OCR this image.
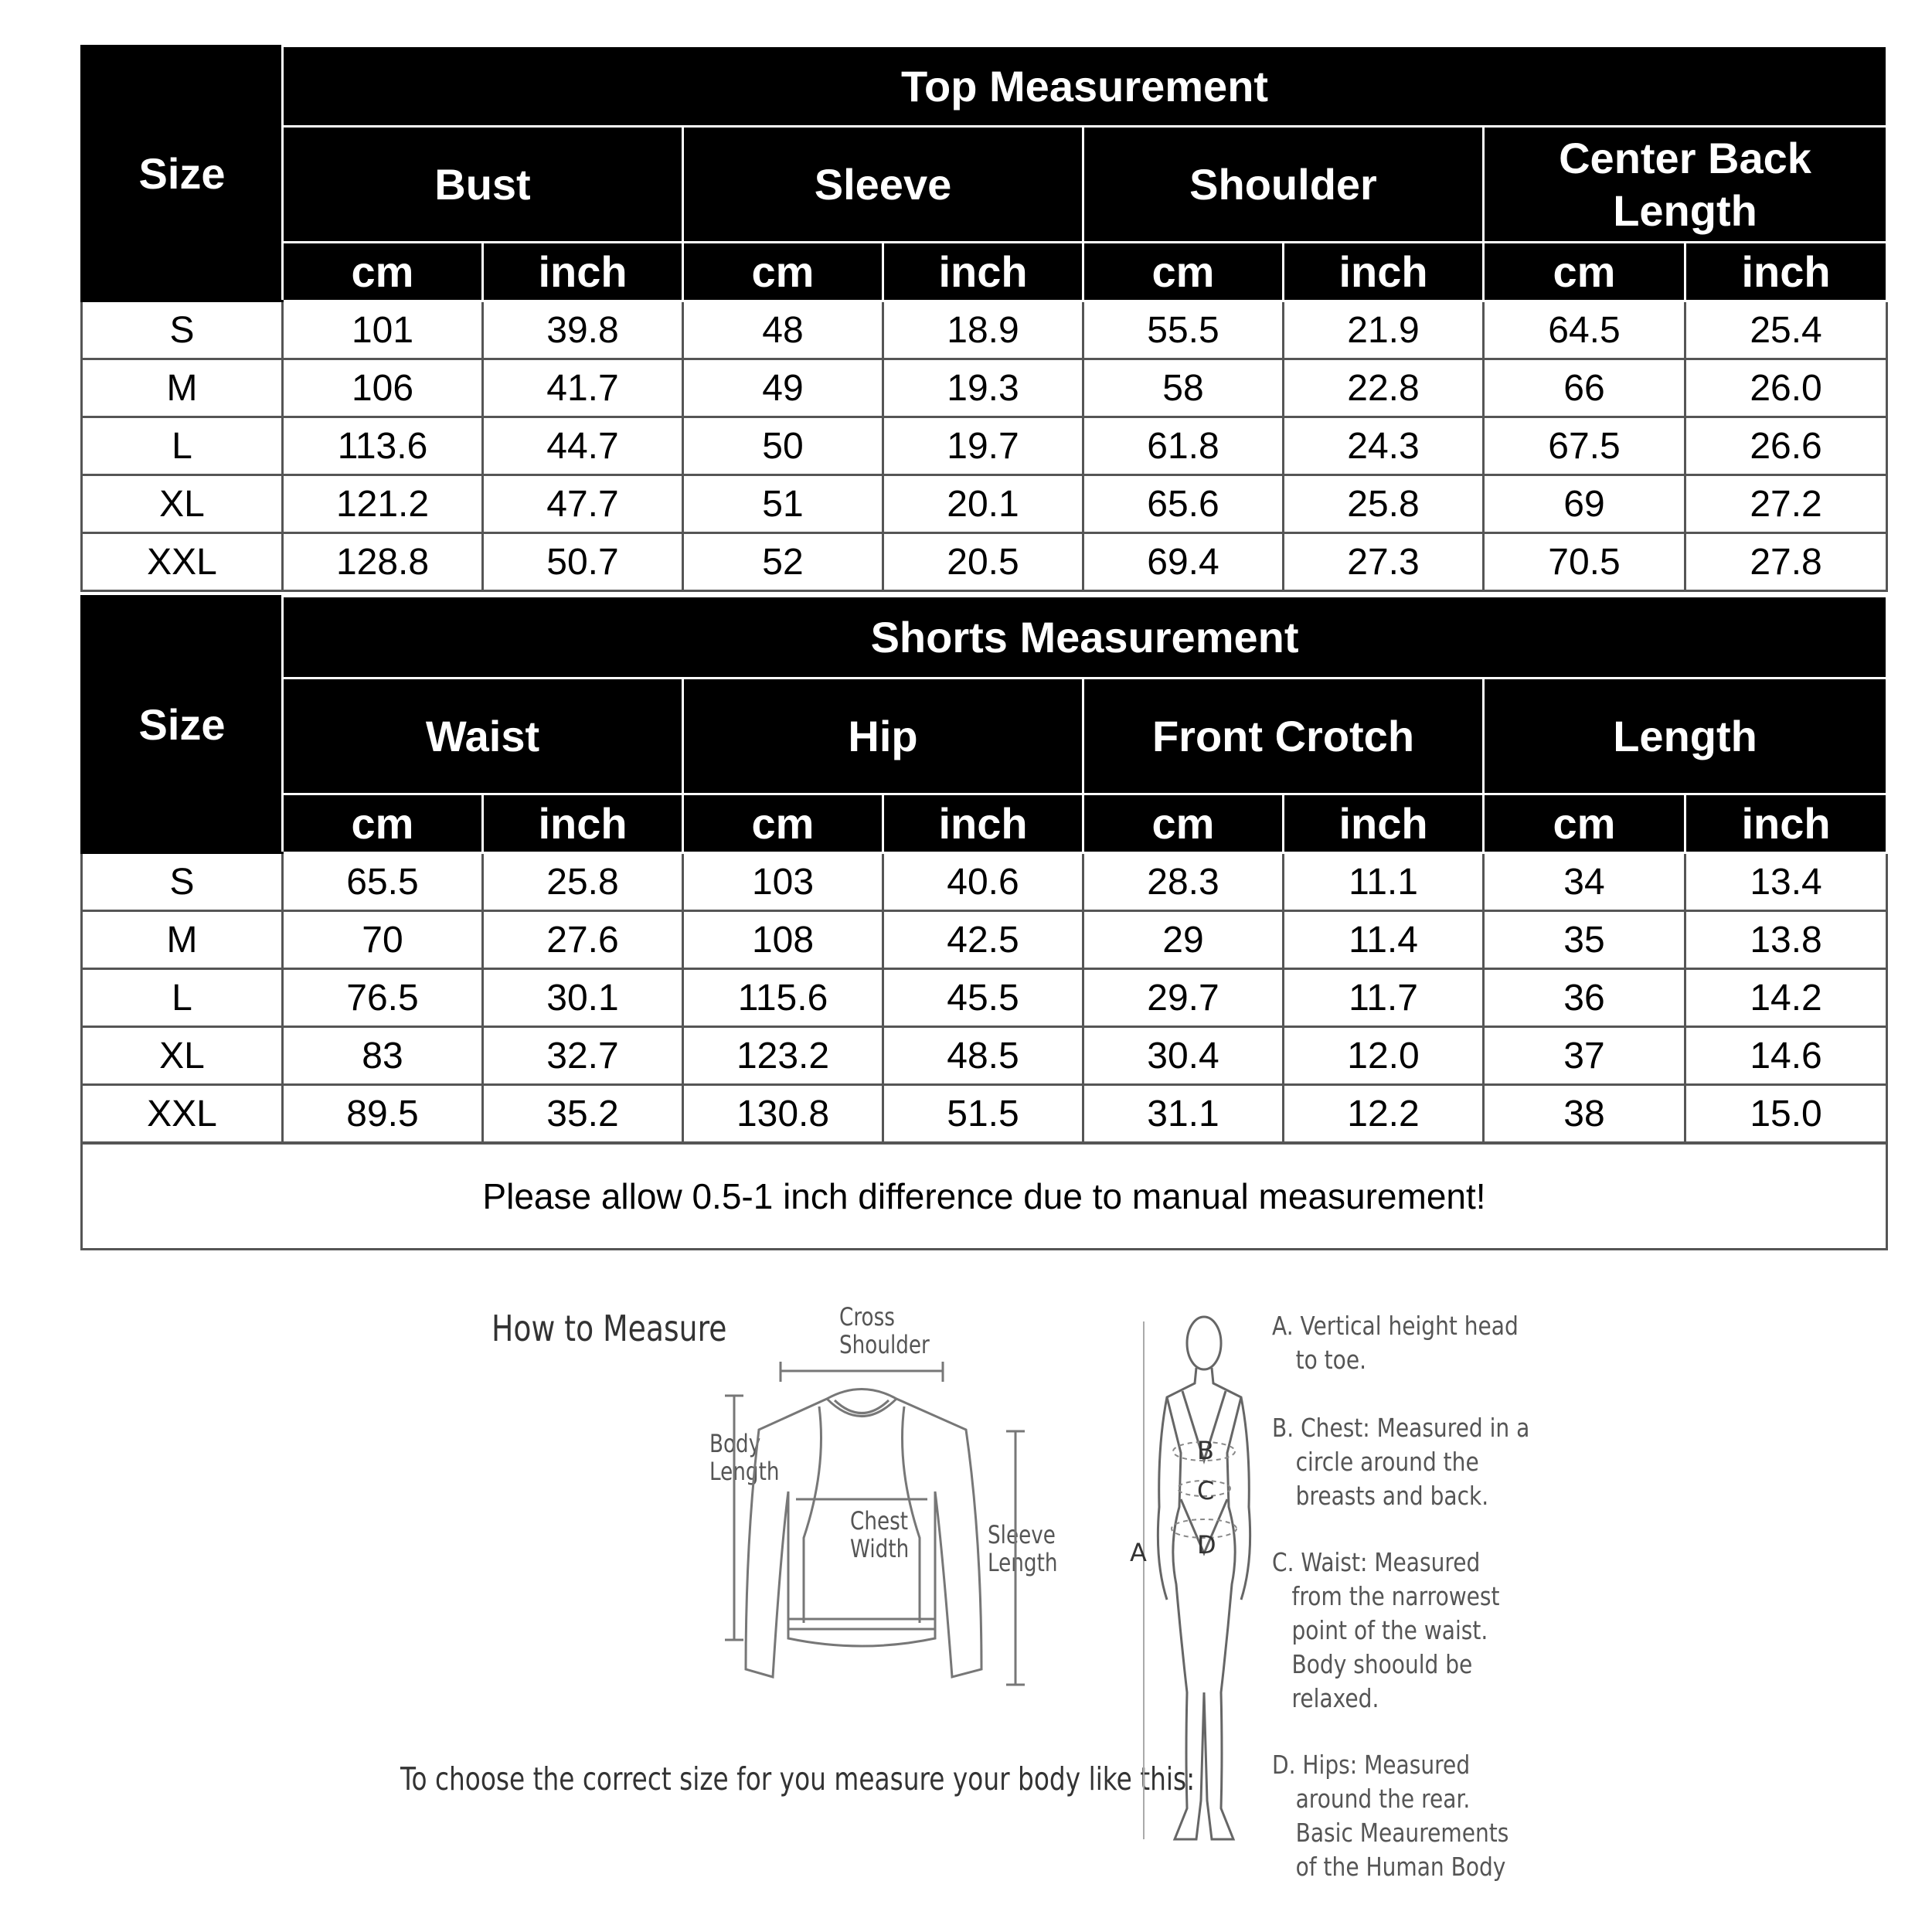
Size	Top Measurement							
	Bust		Sleeve		Shoulder		Center Back Length	
	cm	inch	cm	inch	cm	inch	cm	inch
S	101	39.8	48	18.9	55.5	21.9	64.5	25.4
M	106	41.7	49	19.3	58	22.8	66	26.0
L	113.6	44.7	50	19.7	61.8	24.3	67.5	26.6
XL	121.2	47.7	51	20.1	65.6	25.8	69	27.2
XXL	128.8	50.7	52	20.5	69.4	27.3	70.5	27.8
Size	Shorts Measurement							
	Waist		Hip		Front Crotch		Length	
	cm	inch	cm	inch	cm	inch	cm	inch
S	65.5	25.8	103	40.6	28.3	11.1	34	13.4
M	70	27.6	108	42.5	29	11.4	35	13.8
L	76.5	30.1	115.6	45.5	29.7	11.7	36	14.2
XL	83	32.7	123.2	48.5	30.4	12.0	37	14.6
XXL	89.5	35.2	130.8	51.5	31.1	12.2	38	15.0
Please allow 0.5-1 inch difference due to manual measurement!
How to Measure	Cross
Shoulder
Body
Length
Chest
Width	Sleeve
Length
To choose the correct size for you measure your body like this:
A
B
C
D
A. Vertical height head
to toe.
B. Chest: Measured in a
circle around the
breasts and back.
C. Waist: Measured
from the narrowest
point of the waist.
Body shoould be
relaxed.
D. Hips: Measured
around the rear.
Basic Meaurements
of the Human Body
